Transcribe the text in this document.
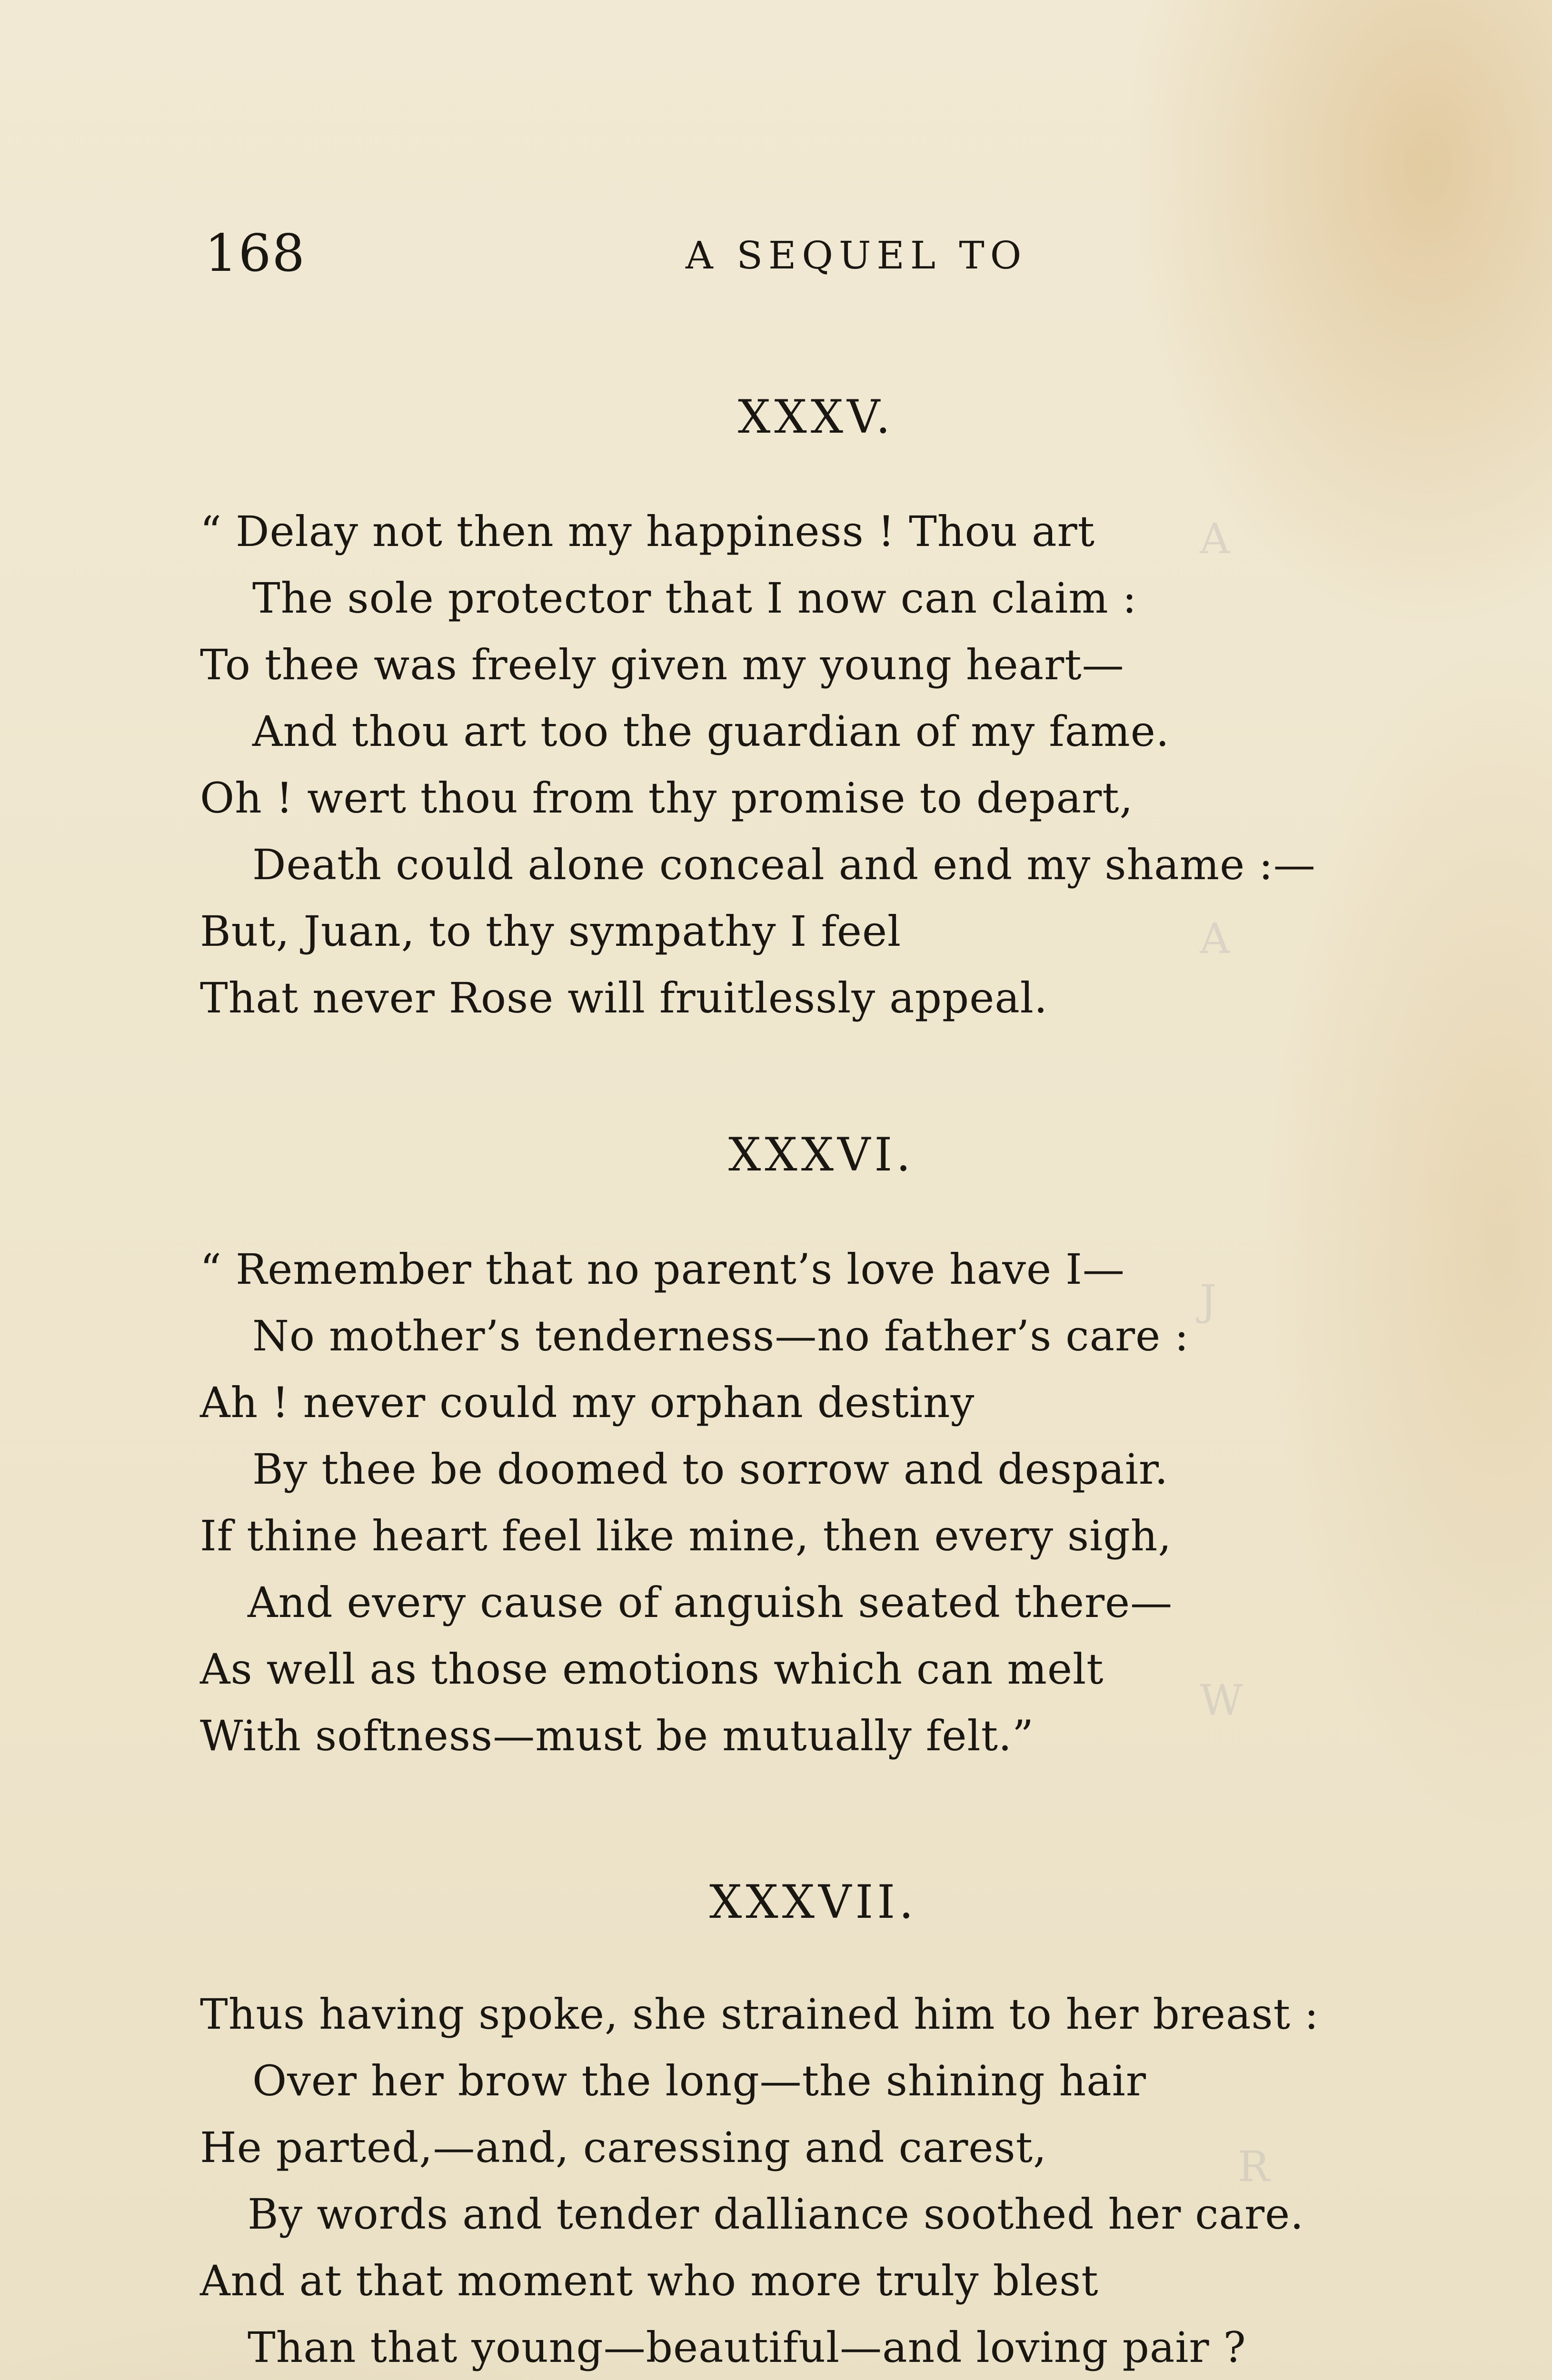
A
A
J
W
R
168	A SEQUEL TO
XXXV.
“ Delay not then my happiness ! Thou art
The sole protector that I now can claim :
To thee was freely given my young heart—
And thou art too the guardian of my fame.
Oh ! wert thou from thy promise to depart,
Death could alone conceal and end my shame :—
But, Juan, to thy sympathy I feel
That never Rose will fruitlessly appeal.
XXXVI.
“ Remember that no parent’s love have I—
No mother’s tenderness—no father’s care :
Ah ! never could my orphan destiny
By thee be doomed to sorrow and despair.
If thine heart feel like mine, then every sigh,
And every cause of anguish seated there—
As well as those emotions which can melt
With softness—must be mutually felt.”
XXXVII.
Thus having spoke, she strained him to her breast :
Over her brow the long—the shining hair
He parted,—and, caressing and carest,
By words and tender dalliance soothed her care.
And at that moment who more truly blest
Than that young—beautiful—and loving pair ?
